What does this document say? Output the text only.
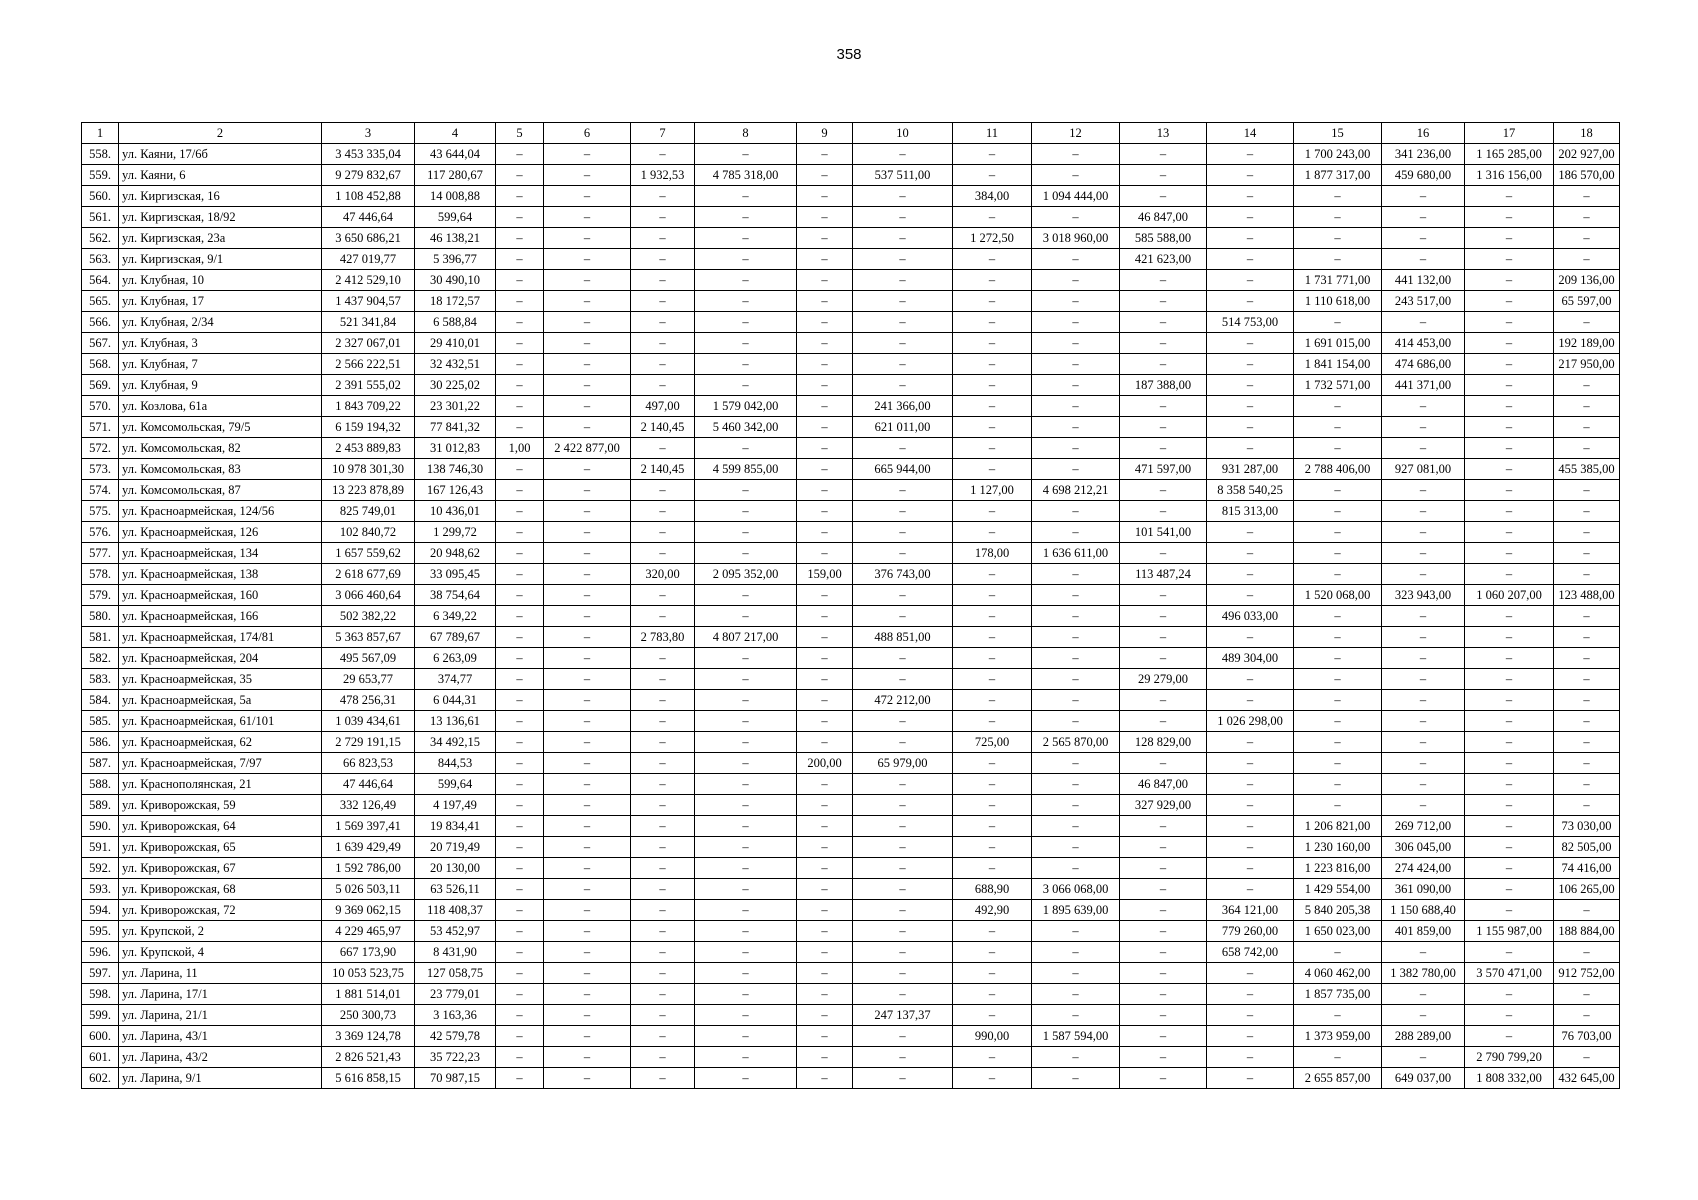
358
1	2	3	4	5	6	7	8	9	10	11	12	13	14	15	16	17	18
558.	ул. Каяни, 17/6б	3 453 335,04	43 644,04	–	–	–	–	–	–	–	–	–	–	1 700 243,00	341 236,00	1 165 285,00	202 927,00
559.	ул. Каяни, 6	9 279 832,67	117 280,67	–	–	1 932,53	4 785 318,00	–	537 511,00	–	–	–	–	1 877 317,00	459 680,00	1 316 156,00	186 570,00
560.	ул. Киргизская, 16	1 108 452,88	14 008,88	–	–	–	–	–	–	384,00	1 094 444,00	–	–	–	–	–	–
561.	ул. Киргизская, 18/92	47 446,64	599,64	–	–	–	–	–	–	–	–	46 847,00	–	–	–	–	–
562.	ул. Киргизская, 23а	3 650 686,21	46 138,21	–	–	–	–	–	–	1 272,50	3 018 960,00	585 588,00	–	–	–	–	–
563.	ул. Киргизская, 9/1	427 019,77	5 396,77	–	–	–	–	–	–	–	–	421 623,00	–	–	–	–	–
564.	ул. Клубная, 10	2 412 529,10	30 490,10	–	–	–	–	–	–	–	–	–	–	1 731 771,00	441 132,00	–	209 136,00
565.	ул. Клубная, 17	1 437 904,57	18 172,57	–	–	–	–	–	–	–	–	–	–	1 110 618,00	243 517,00	–	65 597,00
566.	ул. Клубная, 2/34	521 341,84	6 588,84	–	–	–	–	–	–	–	–	–	514 753,00	–	–	–	–
567.	ул. Клубная, 3	2 327 067,01	29 410,01	–	–	–	–	–	–	–	–	–	–	1 691 015,00	414 453,00	–	192 189,00
568.	ул. Клубная, 7	2 566 222,51	32 432,51	–	–	–	–	–	–	–	–	–	–	1 841 154,00	474 686,00	–	217 950,00
569.	ул. Клубная, 9	2 391 555,02	30 225,02	–	–	–	–	–	–	–	–	187 388,00	–	1 732 571,00	441 371,00	–	–
570.	ул. Козлова, 61а	1 843 709,22	23 301,22	–	–	497,00	1 579 042,00	–	241 366,00	–	–	–	–	–	–	–	–
571.	ул. Комсомольская, 79/5	6 159 194,32	77 841,32	–	–	2 140,45	5 460 342,00	–	621 011,00	–	–	–	–	–	–	–	–
572.	ул. Комсомольская, 82	2 453 889,83	31 012,83	1,00	2 422 877,00	–	–	–	–	–	–	–	–	–	–	–	–
573.	ул. Комсомольская, 83	10 978 301,30	138 746,30	–	–	2 140,45	4 599 855,00	–	665 944,00	–	–	471 597,00	931 287,00	2 788 406,00	927 081,00	–	455 385,00
574.	ул. Комсомольская, 87	13 223 878,89	167 126,43	–	–	–	–	–	–	1 127,00	4 698 212,21	–	8 358 540,25	–	–	–	–
575.	ул. Красноармейская, 124/56	825 749,01	10 436,01	–	–	–	–	–	–	–	–	–	815 313,00	–	–	–	–
576.	ул. Красноармейская, 126	102 840,72	1 299,72	–	–	–	–	–	–	–	–	101 541,00	–	–	–	–	–
577.	ул. Красноармейская, 134	1 657 559,62	20 948,62	–	–	–	–	–	–	178,00	1 636 611,00	–	–	–	–	–	–
578.	ул. Красноармейская, 138	2 618 677,69	33 095,45	–	–	320,00	2 095 352,00	159,00	376 743,00	–	–	113 487,24	–	–	–	–	–
579.	ул. Красноармейская, 160	3 066 460,64	38 754,64	–	–	–	–	–	–	–	–	–	–	1 520 068,00	323 943,00	1 060 207,00	123 488,00
580.	ул. Красноармейская, 166	502 382,22	6 349,22	–	–	–	–	–	–	–	–	–	496 033,00	–	–	–	–
581.	ул. Красноармейская, 174/81	5 363 857,67	67 789,67	–	–	2 783,80	4 807 217,00	–	488 851,00	–	–	–	–	–	–	–	–
582.	ул. Красноармейская, 204	495 567,09	6 263,09	–	–	–	–	–	–	–	–	–	489 304,00	–	–	–	–
583.	ул. Красноармейская, 35	29 653,77	374,77	–	–	–	–	–	–	–	–	29 279,00	–	–	–	–	–
584.	ул. Красноармейская, 5а	478 256,31	6 044,31	–	–	–	–	–	472 212,00	–	–	–	–	–	–	–	–
585.	ул. Красноармейская, 61/101	1 039 434,61	13 136,61	–	–	–	–	–	–	–	–	–	1 026 298,00	–	–	–	–
586.	ул. Красноармейская, 62	2 729 191,15	34 492,15	–	–	–	–	–	–	725,00	2 565 870,00	128 829,00	–	–	–	–	–
587.	ул. Красноармейская, 7/97	66 823,53	844,53	–	–	–	–	200,00	65 979,00	–	–	–	–	–	–	–	–
588.	ул. Краснополянская, 21	47 446,64	599,64	–	–	–	–	–	–	–	–	46 847,00	–	–	–	–	–
589.	ул. Криворожская, 59	332 126,49	4 197,49	–	–	–	–	–	–	–	–	327 929,00	–	–	–	–	–
590.	ул. Криворожская, 64	1 569 397,41	19 834,41	–	–	–	–	–	–	–	–	–	–	1 206 821,00	269 712,00	–	73 030,00
591.	ул. Криворожская, 65	1 639 429,49	20 719,49	–	–	–	–	–	–	–	–	–	–	1 230 160,00	306 045,00	–	82 505,00
592.	ул. Криворожская, 67	1 592 786,00	20 130,00	–	–	–	–	–	–	–	–	–	–	1 223 816,00	274 424,00	–	74 416,00
593.	ул. Криворожская, 68	5 026 503,11	63 526,11	–	–	–	–	–	–	688,90	3 066 068,00	–	–	1 429 554,00	361 090,00	–	106 265,00
594.	ул. Криворожская, 72	9 369 062,15	118 408,37	–	–	–	–	–	–	492,90	1 895 639,00	–	364 121,00	5 840 205,38	1 150 688,40	–	–
595.	ул. Крупской, 2	4 229 465,97	53 452,97	–	–	–	–	–	–	–	–	–	779 260,00	1 650 023,00	401 859,00	1 155 987,00	188 884,00
596.	ул. Крупской, 4	667 173,90	8 431,90	–	–	–	–	–	–	–	–	–	658 742,00	–	–	–	–
597.	ул. Ларина, 11	10 053 523,75	127 058,75	–	–	–	–	–	–	–	–	–	–	4 060 462,00	1 382 780,00	3 570 471,00	912 752,00
598.	ул. Ларина, 17/1	1 881 514,01	23 779,01	–	–	–	–	–	–	–	–	–	–	1 857 735,00	–	–	–
599.	ул. Ларина, 21/1	250 300,73	3 163,36	–	–	–	–	–	247 137,37	–	–	–	–	–	–	–	–
600.	ул. Ларина, 43/1	3 369 124,78	42 579,78	–	–	–	–	–	–	990,00	1 587 594,00	–	–	1 373 959,00	288 289,00	–	76 703,00
601.	ул. Ларина, 43/2	2 826 521,43	35 722,23	–	–	–	–	–	–	–	–	–	–	–	–	2 790 799,20	–
602.	ул. Ларина, 9/1	5 616 858,15	70 987,15	–	–	–	–	–	–	–	–	–	–	2 655 857,00	649 037,00	1 808 332,00	432 645,00
